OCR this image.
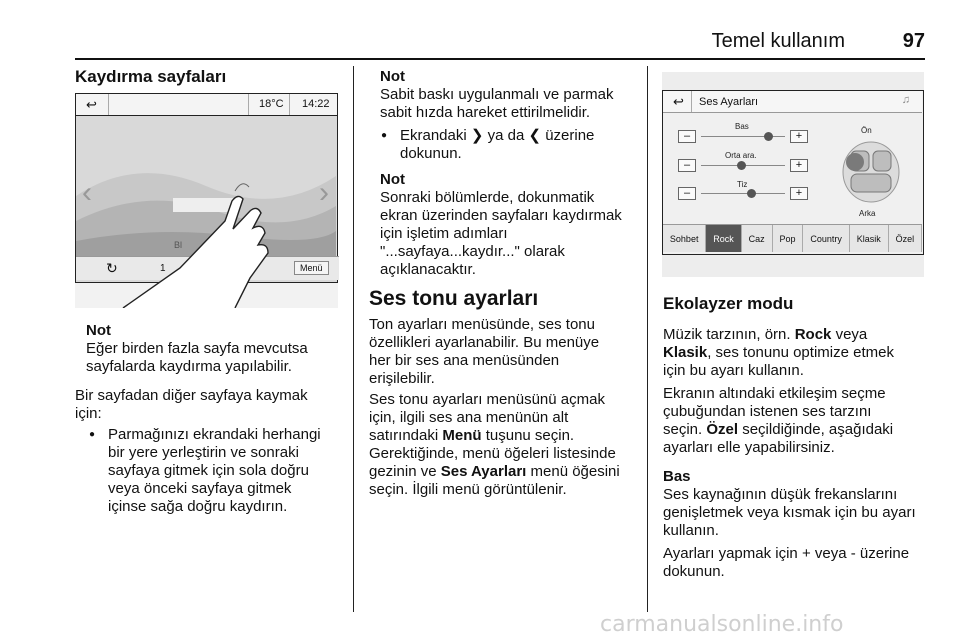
Temel kullanım	97
Kaydırma sayfaları
↩	18°C 14:22
‹	›
Bl
↻	1	Menü
Not
Eğer birden fazla sayfa mevcutsa
sayfalarda kaydırma yapılabilir.
Bir sayfadan diğer sayfaya kaymak
için:
● Parmağınızı ekrandaki herhangi
bir yere yerleştirin ve sonraki
sayfaya gitmek için sola doğru
veya önceki sayfaya gitmek
içinse sağa doğru kaydırın.
Not
Sabit baskı uygulanmalı ve parmak
sabit hızda hareket ettirilmelidir.
● Ekrandaki ❯ ya da ❮ üzerine
dokunun.
Not
Sonraki bölümlerde, dokunmatik
ekran üzerinden sayfaları kaydırmak
için işletim adımları
"...sayfaya...kaydır..." olarak
açıklanacaktır.
Ses tonu ayarları
Ton ayarları menüsünde, ses tonu
özellikleri ayarlanabilir. Bu menüye
her bir ses ana menüsünden
erişilebilir.
Ses tonu ayarları menüsünü açmak
için, ilgili ses ana menünün alt
satırındaki Menü tuşunu seçin.
Gerektiğinde, menü öğeleri listesinde
gezinin ve Ses Ayarları menü öğesini
seçin. İlgili menü görüntülenir.
↩ Ses Ayarları	♫
Bas
–	+
Orta ara.
–	+
Tiz
–	+
Ön
Arka
Sohbet	Rock	Caz	Pop	Country	Klasik	Özel
Ekolayzer modu
Müzik tarzının, örn. Rock veya
Klasik, ses tonunu optimize etmek
için bu ayarı kullanın.
Ekranın altındaki etkileşim seçme
çubuğundan istenen ses tarzını
seçin. Özel seçildiğinde, aşağıdaki
ayarları elle yapabilirsiniz.
Bas
Ses kaynağının düşük frekanslarını
genişletmek veya kısmak için bu ayarı
kullanın.
Ayarları yapmak için + veya - üzerine
dokunun.
carmanualsonline.info
